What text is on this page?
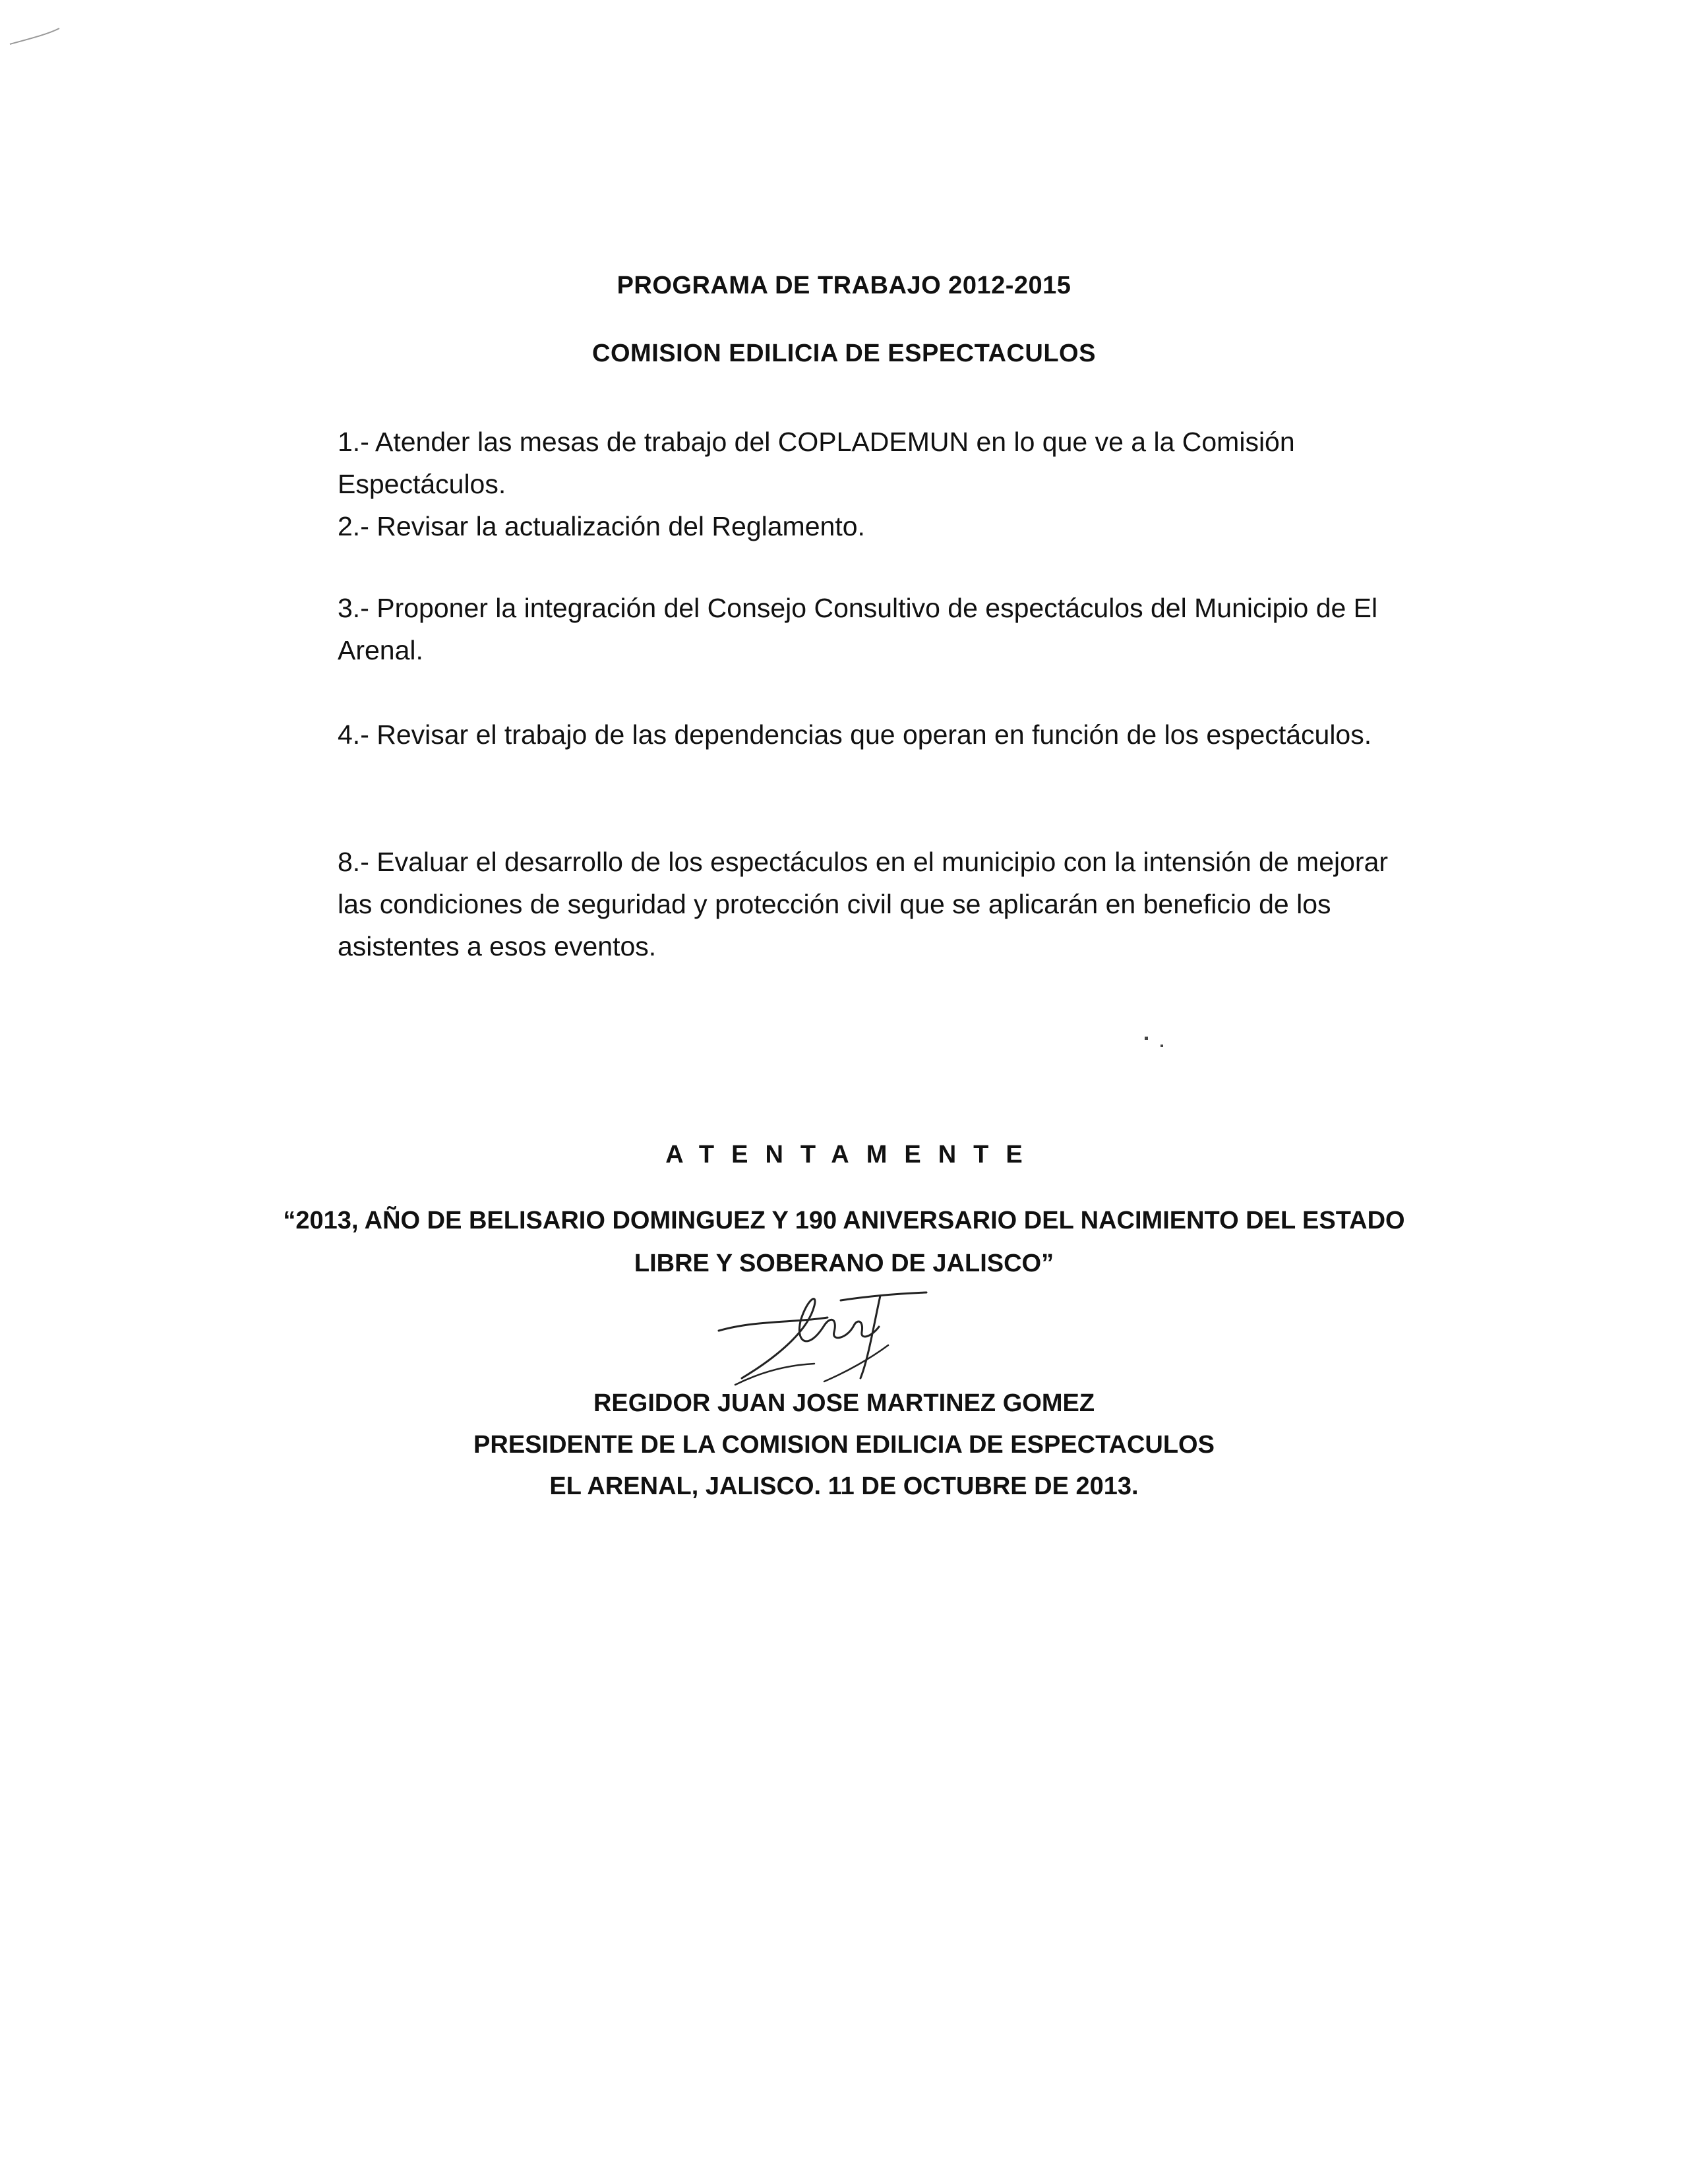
PROGRAMA DE TRABAJO 2012-2015
COMISION EDILICIA DE ESPECTACULOS

1.- Atender las mesas de trabajo del COPLADEMUN en lo que ve a la Comisión Espectáculos.

2.- Revisar la actualización del Reglamento.

3.- Proponer la integración del Consejo Consultivo de espectáculos del Municipio de El Arenal.

4.- Revisar el trabajo de las dependencias que operan en función de los espectáculos.

8.- Evaluar el desarrollo de los espectáculos en el municipio con la intensión de mejorar las condiciones de seguridad y protección civil que se aplicarán en beneficio de los asistentes a esos eventos.

ATENTAMENTE

“2013, AÑO DE BELISARIO DOMINGUEZ Y 190 ANIVERSARIO DEL NACIMIENTO DEL ESTADO

LIBRE Y SOBERANO DE JALISCO”

REGIDOR JUAN JOSE MARTINEZ GOMEZ

PRESIDENTE DE LA COMISION EDILICIA DE ESPECTACULOS

EL ARENAL, JALISCO. 11 DE OCTUBRE DE 2013.
